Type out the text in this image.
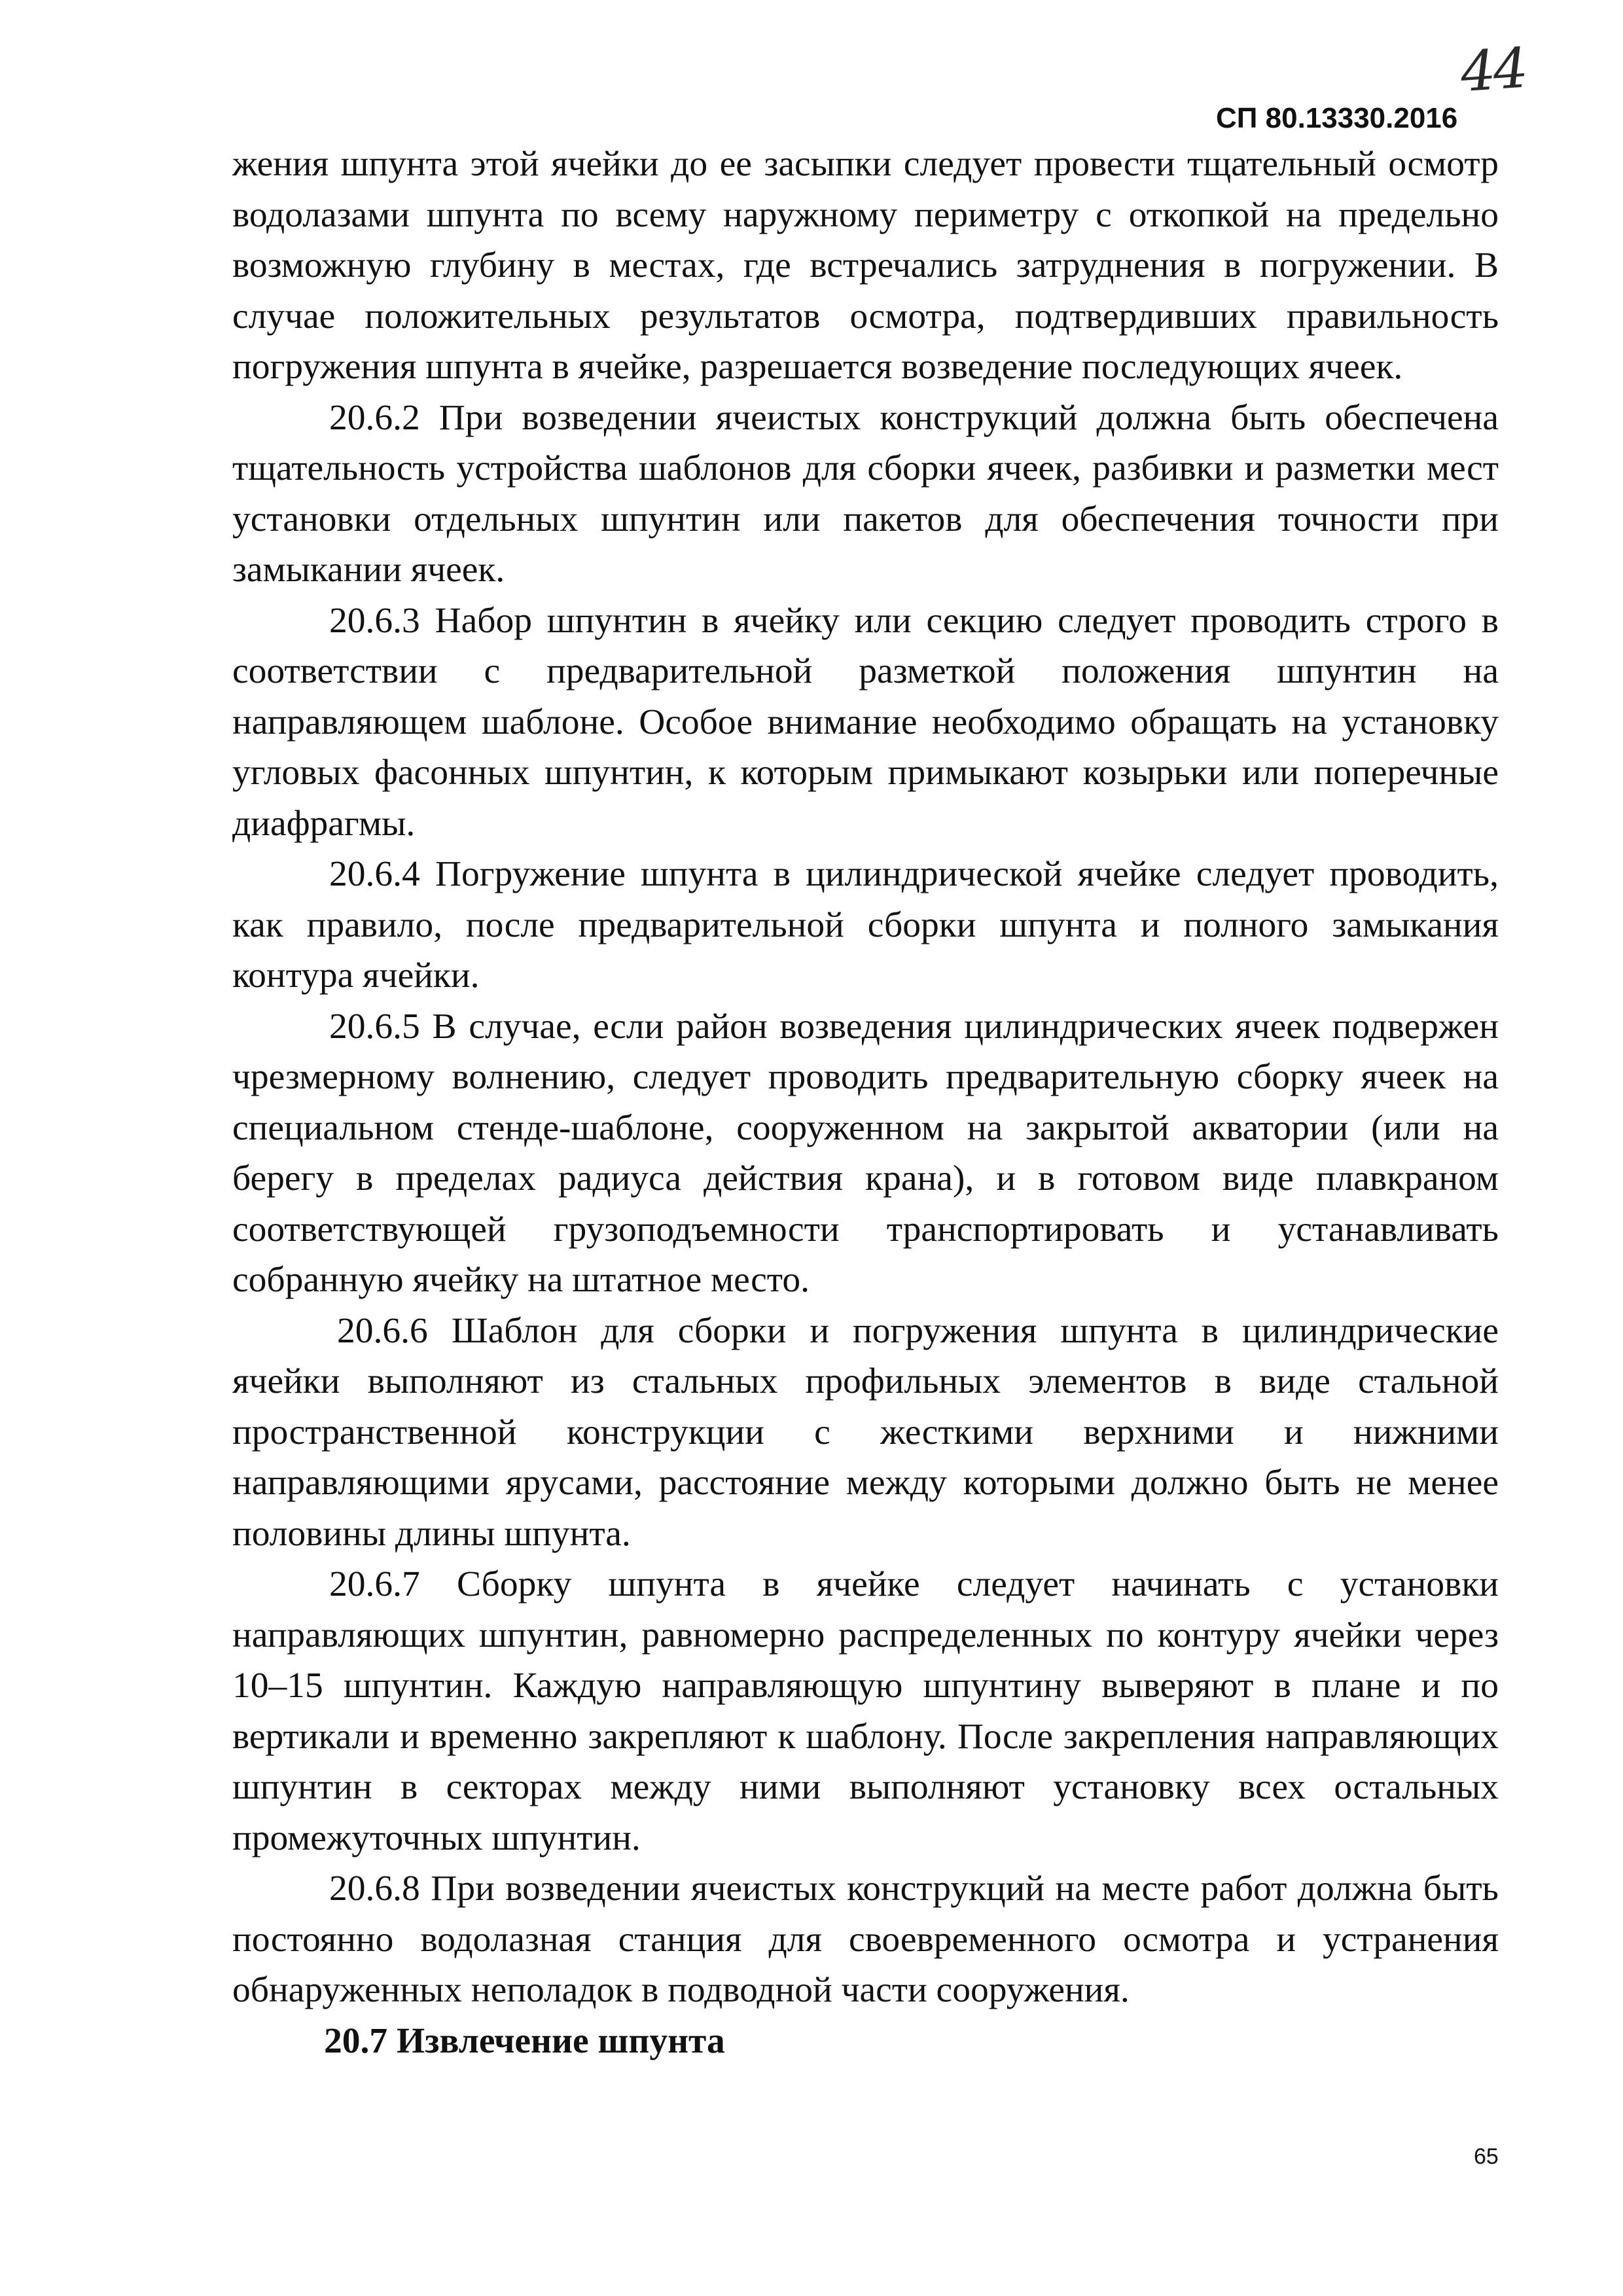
44
СП 80.13330.2016

жения шпунта этой ячейки до ее засыпки следует провести тщательный осмотр водолазами шпунта по всему наружному периметру с откопкой на предельно возможную глубину в местах, где встречались затруднения в погружении. В случае положительных результатов осмотра, подтвердивших правильность погружения шпунта в ячейке, разрешается возведение последующих ячеек.

20.6.2 При возведении ячеистых конструкций должна быть обеспечена тщательность устройства шаблонов для сборки ячеек, разбивки и разметки мест установки отдельных шпунтин или пакетов для обеспечения точности при замыкании ячеек.

20.6.3 Набор шпунтин в ячейку или секцию следует проводить строго в соответствии с предварительной разметкой положения шпунтин на направляющем шаблоне. Особое внимание необходимо обращать на установку угловых фасонных шпунтин, к которым примыкают козырьки или поперечные диафрагмы.

20.6.4 Погружение шпунта в цилиндрической ячейке следует проводить, как правило, после предварительной сборки шпунта и полного замыкания контура ячейки.

20.6.5 В случае, если район возведения цилиндрических ячеек подвержен чрезмерному волнению, следует проводить предварительную сборку ячеек на специальном стенде-шаблоне, сооруженном на закрытой акватории (или на берегу в пределах радиуса действия крана), и в готовом виде плавкраном соответствующей грузоподъемности транспортировать и устанавливать собранную ячейку на штатное место.

20.6.6 Шаблон для сборки и погружения шпунта в цилиндрические ячейки выполняют из стальных профильных элементов в виде стальной пространственной конструкции с жесткими верхними и нижними направляющими ярусами, расстояние между которыми должно быть не менее половины длины шпунта.

20.6.7 Сборку шпунта в ячейке следует начинать с установки направляющих шпунтин, равномерно распределенных по контуру ячейки через 10–15 шпунтин. Каждую направляющую шпунтину выверяют в плане и по вертикали и временно закрепляют к шаблону. После закрепления направляющих шпунтин в секторах между ними выполняют установку всех остальных промежуточных шпунтин.

20.6.8 При возведении ячеистых конструкций на месте работ должна быть постоянно водолазная станция для своевременного осмотра и устранения обнаруженных неполадок в подводной части сооружения.

20.7 Извлечение шпунта
65
